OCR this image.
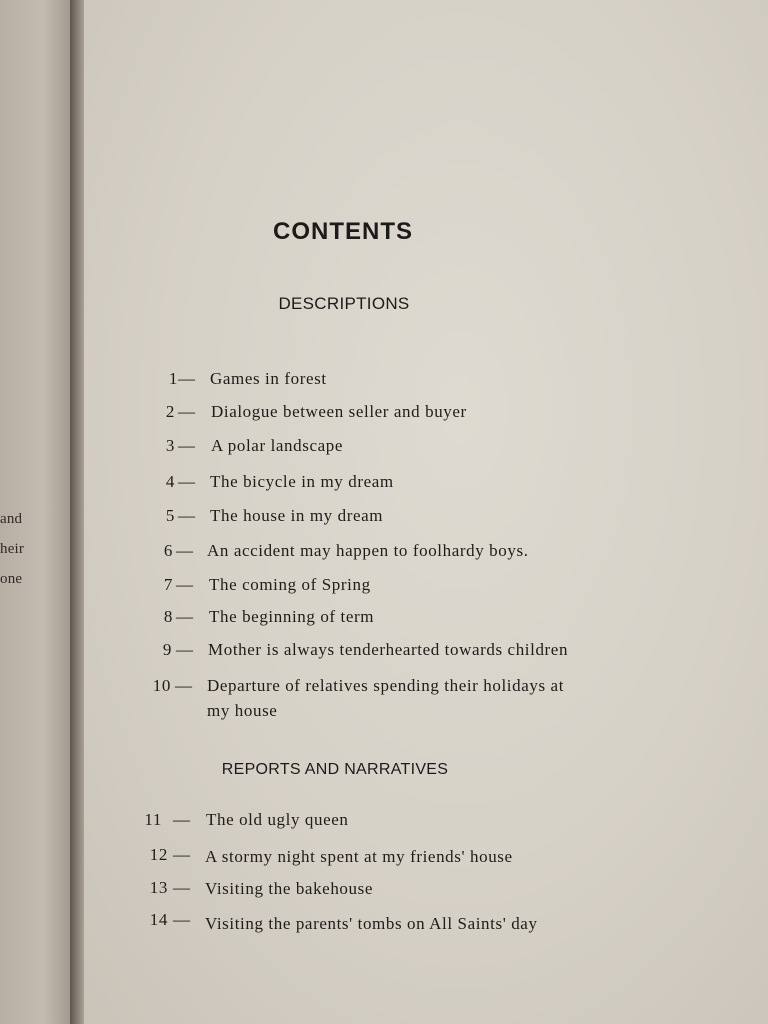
and
heir
one
CONTENTS
DESCRIPTIONS
REPORTS AND NARRATIVES
1 — Games in forest
2 — Dialogue between seller and buyer
3 — A polar landscape
4 — The bicycle in my dream
5 — The house in my dream
6 — An accident may happen to foolhardy boys.
7 — The coming of Spring
8 — The beginning of term
9 — Mother is always tenderhearted towards children
10 — Departure of relatives spending their holidays at
my house
11 — The old ugly queen
12 — A stormy night spent at my friends' house
13 — Visiting the bakehouse
14 — Visiting the parents' tombs on All Saints' day
